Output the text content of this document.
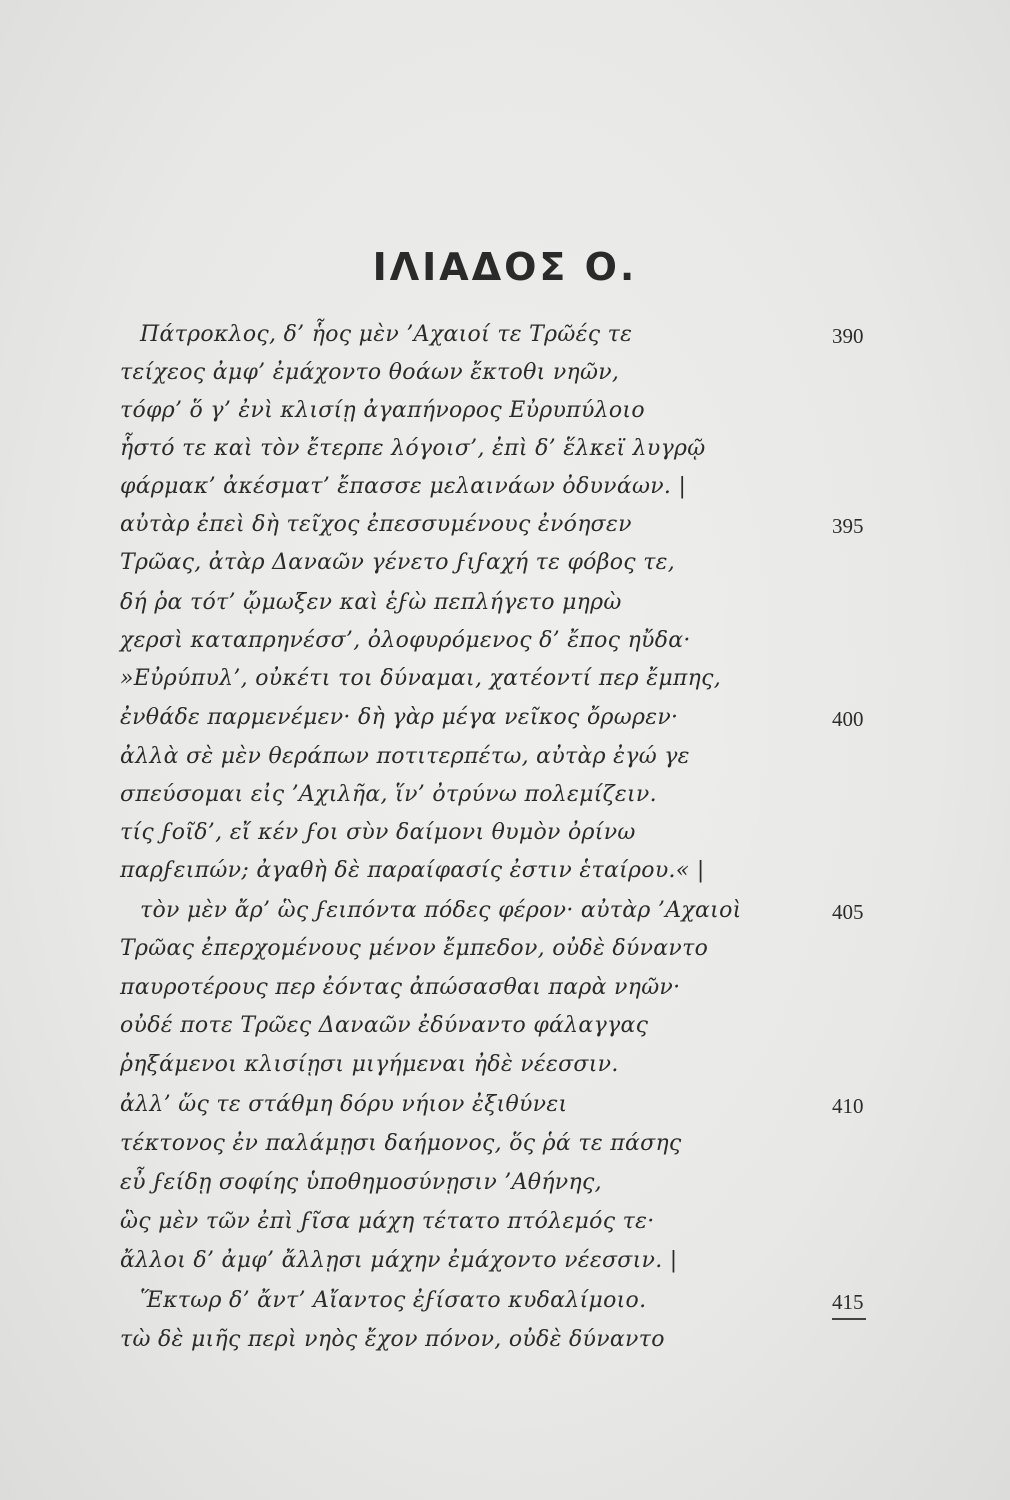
ΙΛΙΑΔΟΣ Ο.
Πάτροκλος, δ’ ἧος μὲν ’Αχαιοί τε Τρῶές τε	390
τείχεος ἀμφ’ ἐμάχοντο θοάων ἔκτοθι νηῶν,
τόφρ’ ὅ γ’ ἐνὶ κλισίῃ ἀγαπήνορος Εὐρυπύλοιο
ἧστό τε καὶ τὸν ἔτερπε λόγοισ’, ἐπὶ δ’ ἕλκεϊ λυγρῷ
φάρμακ’ ἀκέσματ’ ἔπασσε μελαινάων ὀδυνάων. |
αὐτὰρ ἐπεὶ δὴ τεῖχος ἐπεσσυμένους ἐνόησεν	395
Τρῶας, ἀτὰρ Δαναῶν γένετο ϝιϝαχή τε φόβος τε,
δή ῥα τότ’ ᾤμωξεν καὶ ἑϝὼ πεπλήγετο μηρὼ
χερσὶ καταπρηνέσσ’, ὀλοφυρόμενος δ’ ἔπος ηὔδα·
»Εὐρύπυλ’, οὐκέτι τοι δύναμαι, χατέοντί περ ἔμπης,
ἐνθάδε παρμενέμεν· δὴ γὰρ μέγα νεῖκος ὄρωρεν·	400
ἀλλὰ σὲ μὲν θεράπων ποτιτερπέτω, αὐτὰρ ἐγώ γε
σπεύσομαι εἰς ’Αχιλῆα, ἵν’ ὀτρύνω πολεμίζειν.
τίς ϝοῖδ’, εἴ κέν ϝοι σὺν δαίμονι θυμὸν ὀρίνω
παρϝειπών; ἀγαθὴ δὲ παραίφασίς ἐστιν ἑταίρου.« |
τὸν μὲν ἄρ’ ὣς ϝειπόντα πόδες φέρον· αὐτὰρ ’Αχαιοὶ	405
Τρῶας ἐπερχομένους μένον ἔμπεδον, οὐδὲ δύναντο
παυροτέρους περ ἐόντας ἀπώσασθαι παρὰ νηῶν·
οὐδέ ποτε Τρῶες Δαναῶν ἐδύναντο φάλαγγας
ῥηξάμενοι κλισίῃσι μιγήμεναι ἠδὲ νέεσσιν.
ἀλλ’ ὥς τε στάθμη δόρυ νήιον ἐξιθύνει	410
τέκτονος ἐν παλάμῃσι δαήμονος, ὅς ῥά τε πάσης
εὖ ϝείδῃ σοφίης ὑποθημοσύνῃσιν ’Αθήνης,
ὣς μὲν τῶν ἐπὶ ϝῖσα μάχη τέτατο πτόλεμός τε·
ἄλλοι δ’ ἀμφ’ ἄλλῃσι μάχην ἐμάχοντο νέεσσιν. |
Ἕκτωρ δ’ ἄντ’ Αἴαντος ἐϝίσατο κυδαλίμοιο.	415
τὼ δὲ μιῆς περὶ νηὸς ἔχον πόνον, οὐδὲ δύναντο
